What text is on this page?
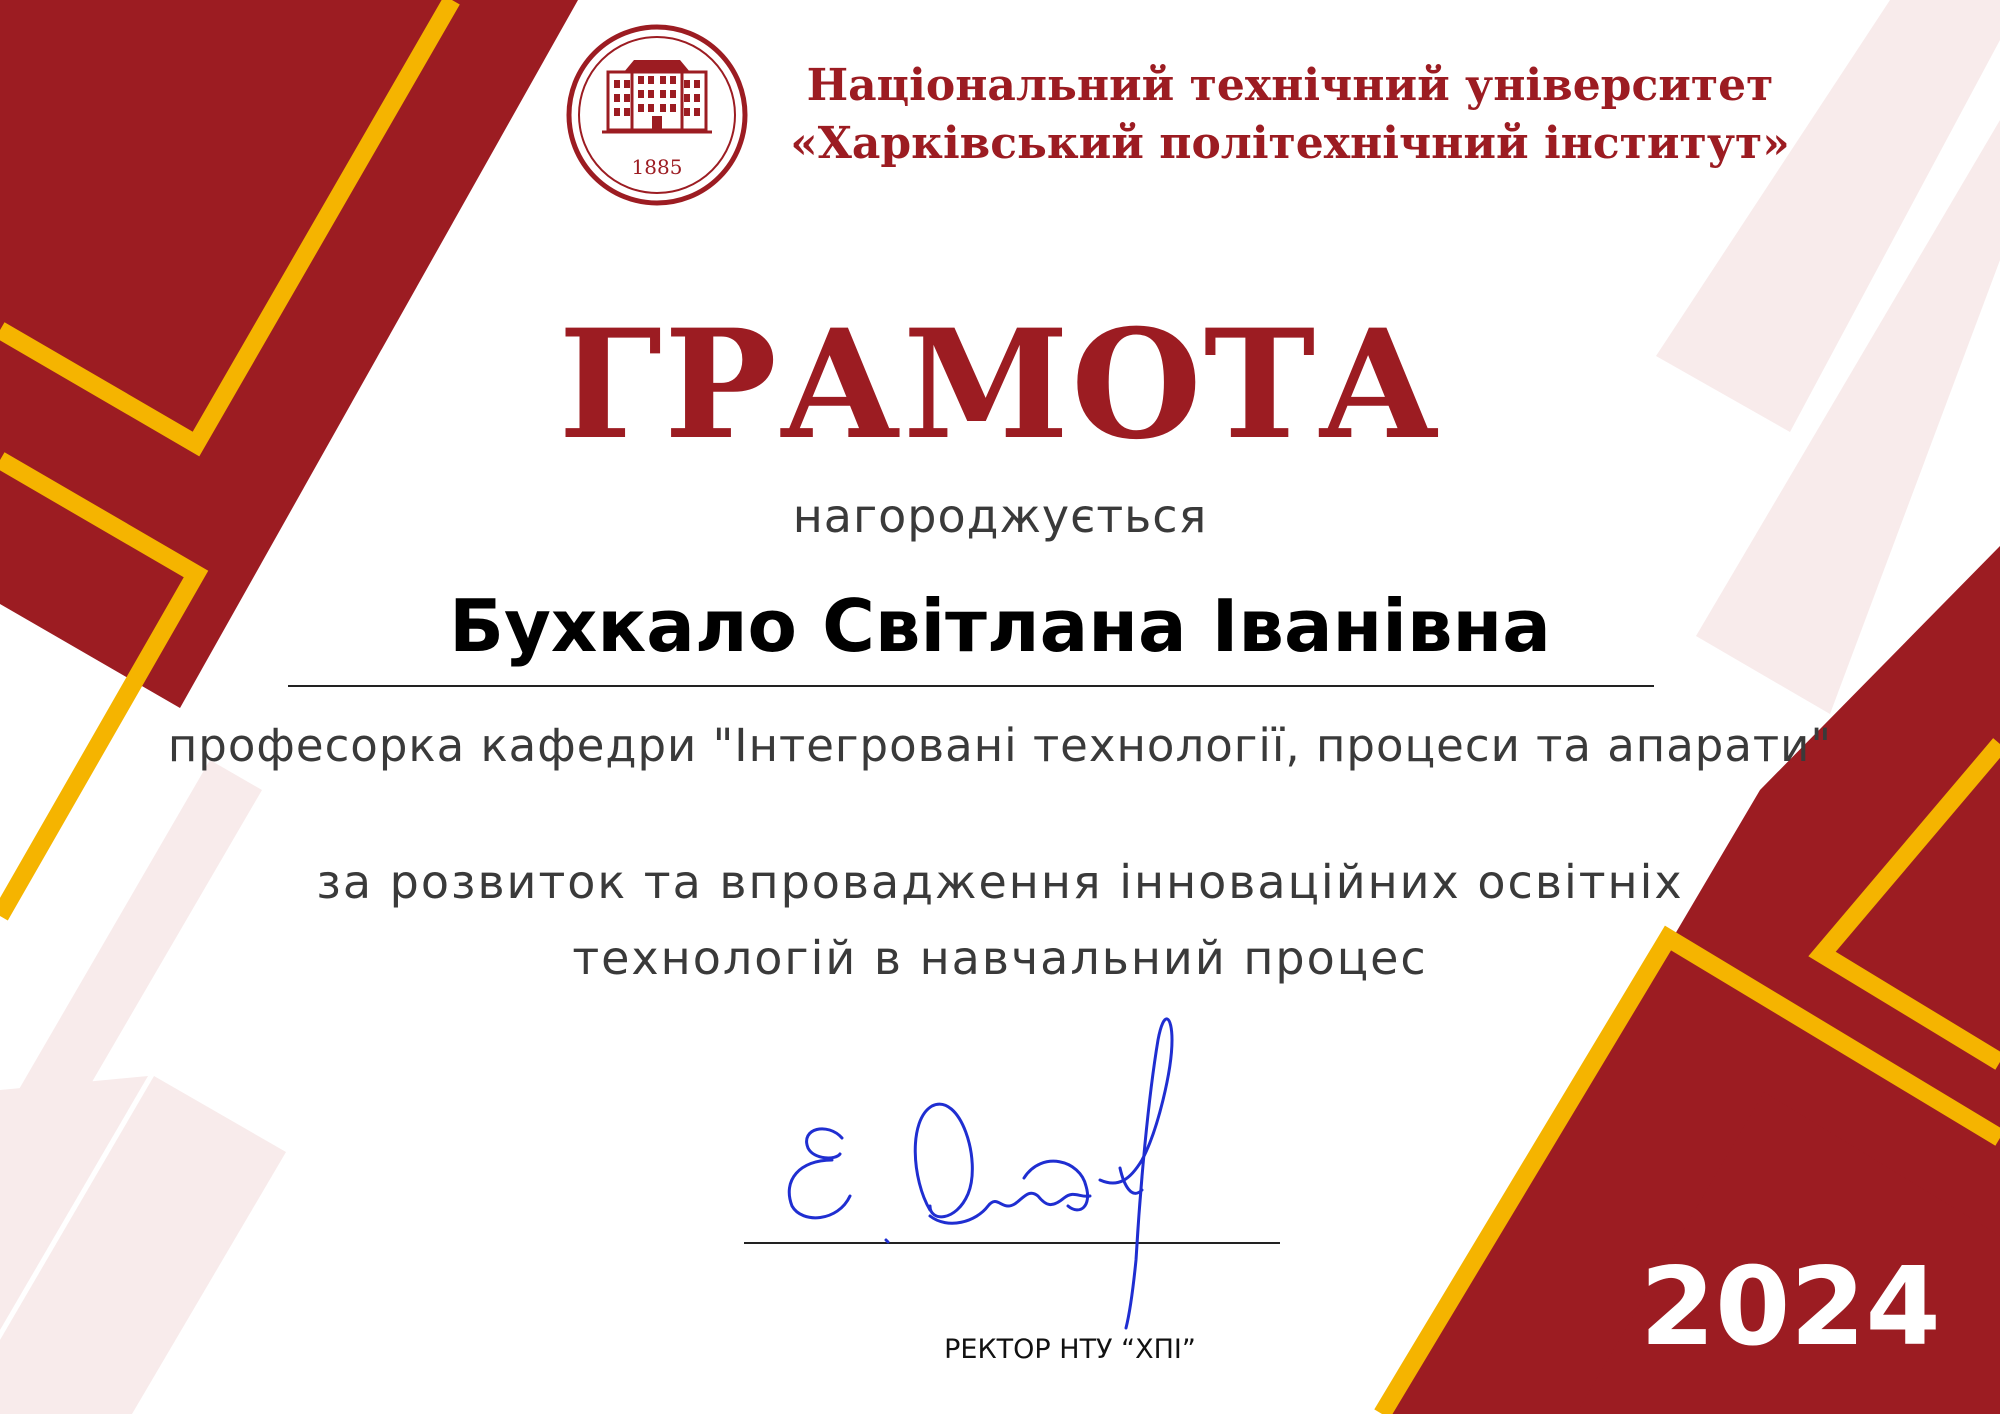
1885
Національний технічний університет
«Харківський політехнічний інститут»
ГРАМОТА
нагороджується
Бухкало Світлана Іванівна
професорка кафедри "Інтегровані технології, процеси та апарати"
за розвиток та впровадження інноваційних освітніх
технологій в навчальний процес
РЕКТОР НТУ “ХПІ”	2024
